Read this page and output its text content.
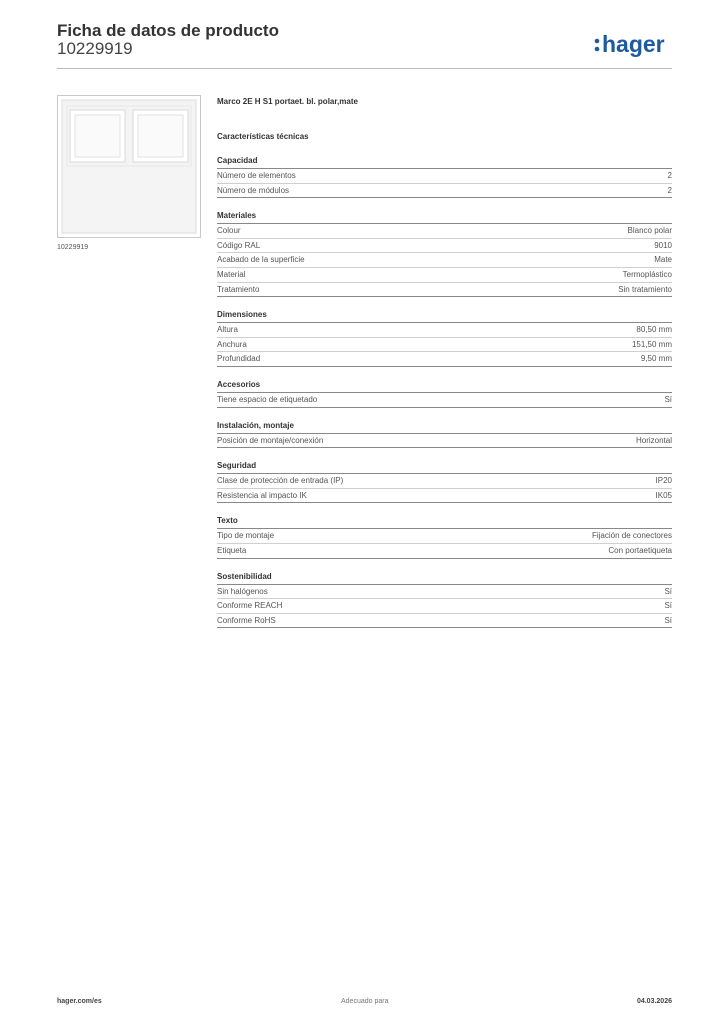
Ficha de datos de producto
10229919	hager
10229919
Marco 2E H S1 portaet. bl. polar,mate
Características técnicas
Capacidad
Número de elementos	2
Número de módulos	2
Materiales
Colour	Blanco polar
Código RAL	9010
Acabado de la superficie	Mate
Material	Termoplástico
Tratamiento	Sin tratamiento
Dimensiones
Altura	80,50 mm
Anchura	151,50 mm
Profundidad	9,50 mm
Accesorios
Tiene espacio de etiquetado	Sí
Instalación, montaje
Posición de montaje/conexión	Horizontal
Seguridad
Clase de protección de entrada (IP)	IP20
Resistencia al impacto IK	IK05
Texto
Tipo de montaje	Fijación de conectores
Etiqueta	Con portaetiqueta
Sostenibilidad
Sin halógenos	Sí
Conforme REACH	Sí
Conforme RoHS	Sí
hager.com/es	Adecuado para	04.03.2026
